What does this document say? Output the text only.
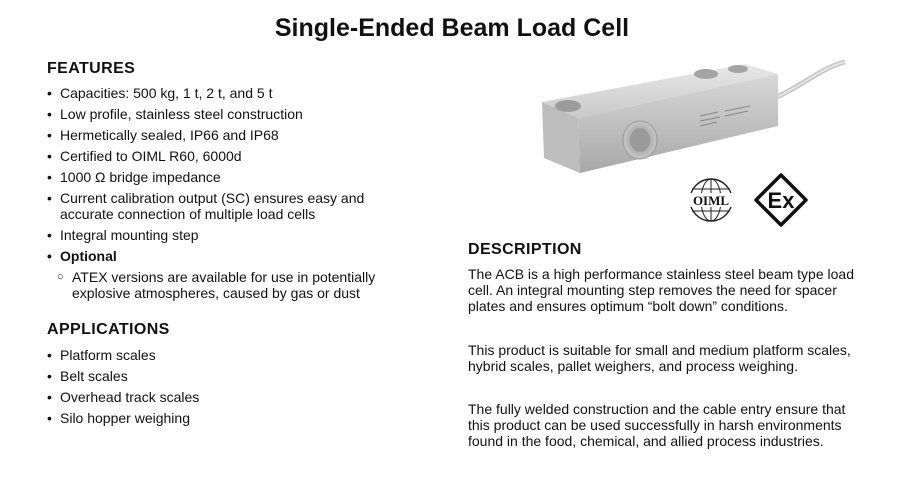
Single-Ended Beam Load Cell
FEATURES
• Capacities: 500 kg, 1 t, 2 t, and 5 t
• Low profile, stainless steel construction
• Hermetically sealed, IP66 and IP68
• Certified to OIML R60, 6000d
• 1000 Ω bridge impedance
• Current calibration output (SC) ensures easy and accurate connection of multiple load cells
• Integral mounting step
• Optional
○ ATEX versions are available for use in potentially explosive atmospheres, caused by gas or dust
APPLICATIONS
• Platform scales
• Belt scales
• Overhead track scales
• Silo hopper weighing
OIML Ex
DESCRIPTION

The ACB is a high performance stainless steel beam type load cell. An integral mounting step removes the need for spacer plates and ensures optimum “bolt down” conditions.

This product is suitable for small and medium platform scales, hybrid scales, pallet weighers, and process weighing.

The fully welded construction and the cable entry ensure that this product can be used successfully in harsh environments found in the food, chemical, and allied process industries.
